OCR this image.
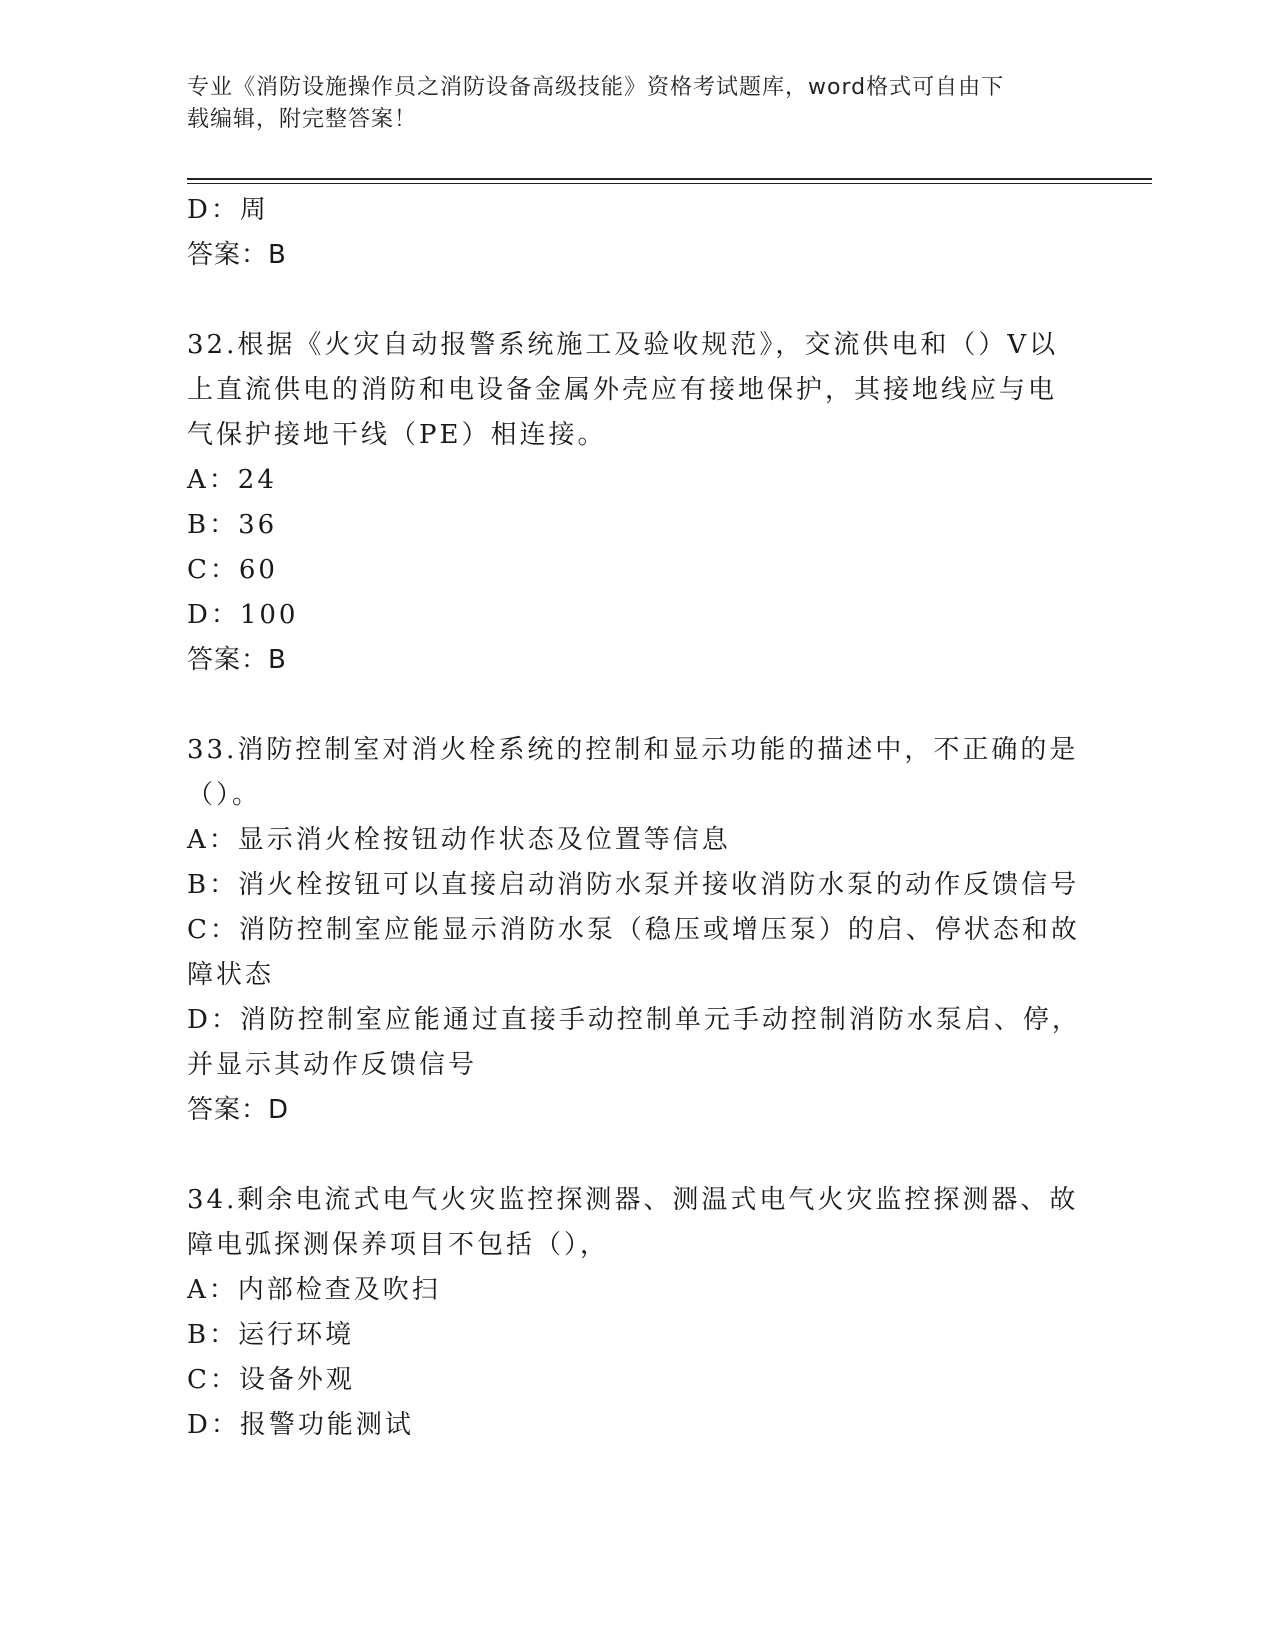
专业《消防设施操作员之消防设备高级技能》资格考试题库，word格式可自由下
载编辑，附完整答案！
D：周
答案：B
32.根据《火灾自动报警系统施工及验收规范》，交流供电和（）V以
上直流供电的消防和电设备金属外壳应有接地保护，其接地线应与电
气保护接地干线（PE）相连接。
A：24
B：36
C：60
D：100
答案：B
33.消防控制室对消火栓系统的控制和显示功能的描述中，不正确的是
（）。
A：显示消火栓按钮动作状态及位置等信息
B：消火栓按钮可以直接启动消防水泵并接收消防水泵的动作反馈信号
C：消防控制室应能显示消防水泵（稳压或增压泵）的启、停状态和故
障状态
D：消防控制室应能通过直接手动控制单元手动控制消防水泵启、停，
并显示其动作反馈信号
答案：D
34.剩余电流式电气火灾监控探测器、测温式电气火灾监控探测器、故
障电弧探测保养项目不包括（），
A：内部检查及吹扫
B：运行环境
C：设备外观
D：报警功能测试
